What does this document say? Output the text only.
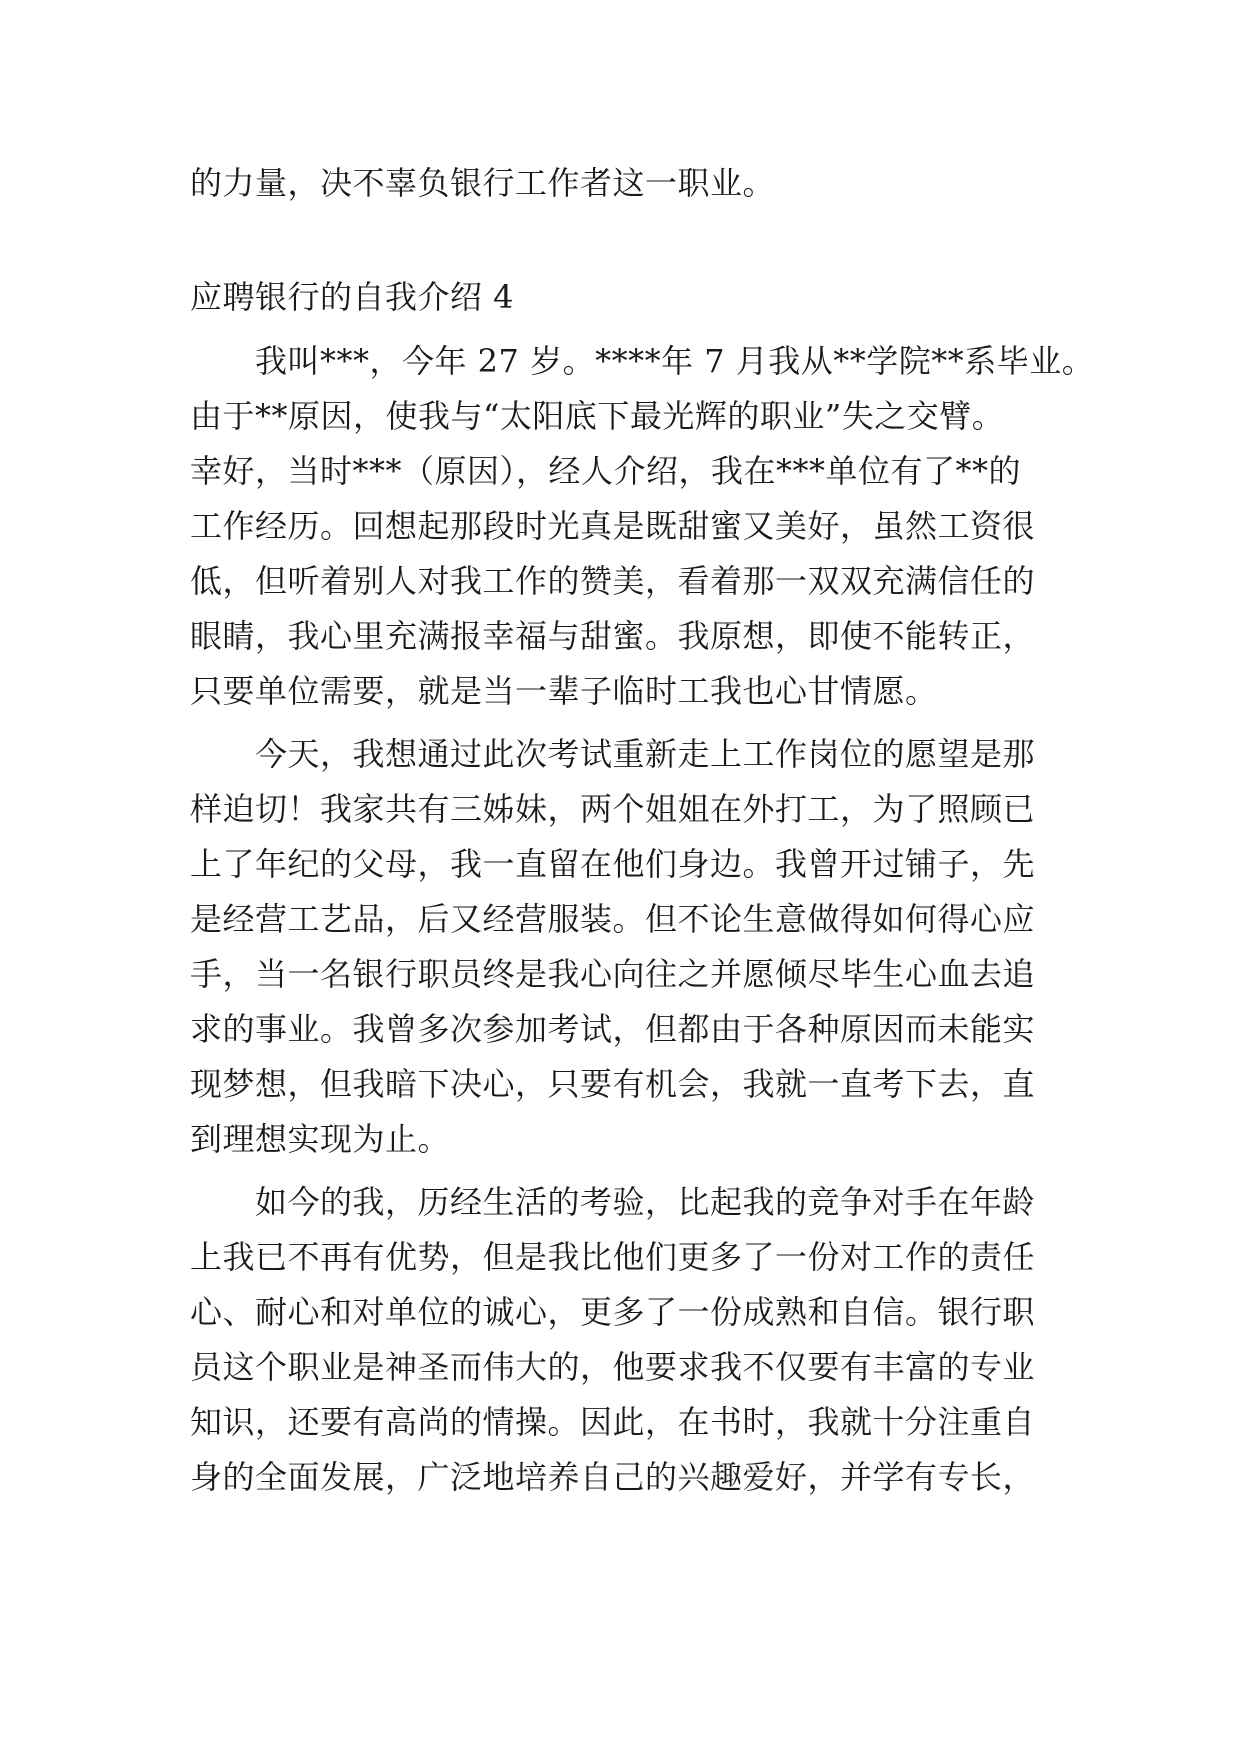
的力量，决不辜负银行工作者这一职业。
应聘银行的自我介绍 4
我叫***，今年 27 岁。****年 7 月我从**学院**系毕业。
由于**原因，使我与“太阳底下最光辉的职业”失之交臂。
幸好，当时***（原因），经人介绍，我在***单位有了**的
工作经历。回想起那段时光真是既甜蜜又美好，虽然工资很
低，但听着别人对我工作的赞美，看着那一双双充满信任的
眼睛，我心里充满报幸福与甜蜜。我原想，即使不能转正，
只要单位需要，就是当一辈子临时工我也心甘情愿。
今天，我想通过此次考试重新走上工作岗位的愿望是那
样迫切！我家共有三姊妹，两个姐姐在外打工，为了照顾已
上了年纪的父母，我一直留在他们身边。我曾开过铺子，先
是经营工艺品，后又经营服装。但不论生意做得如何得心应
手，当一名银行职员终是我心向往之并愿倾尽毕生心血去追
求的事业。我曾多次参加考试，但都由于各种原因而未能实
现梦想，但我暗下决心，只要有机会，我就一直考下去，直
到理想实现为止。
如今的我，历经生活的考验，比起我的竞争对手在年龄
上我已不再有优势，但是我比他们更多了一份对工作的责任
心、耐心和对单位的诚心，更多了一份成熟和自信。银行职
员这个职业是神圣而伟大的，他要求我不仅要有丰富的专业
知识，还要有高尚的情操。因此，在书时，我就十分注重自
身的全面发展，广泛地培养自己的兴趣爱好，并学有专长，
